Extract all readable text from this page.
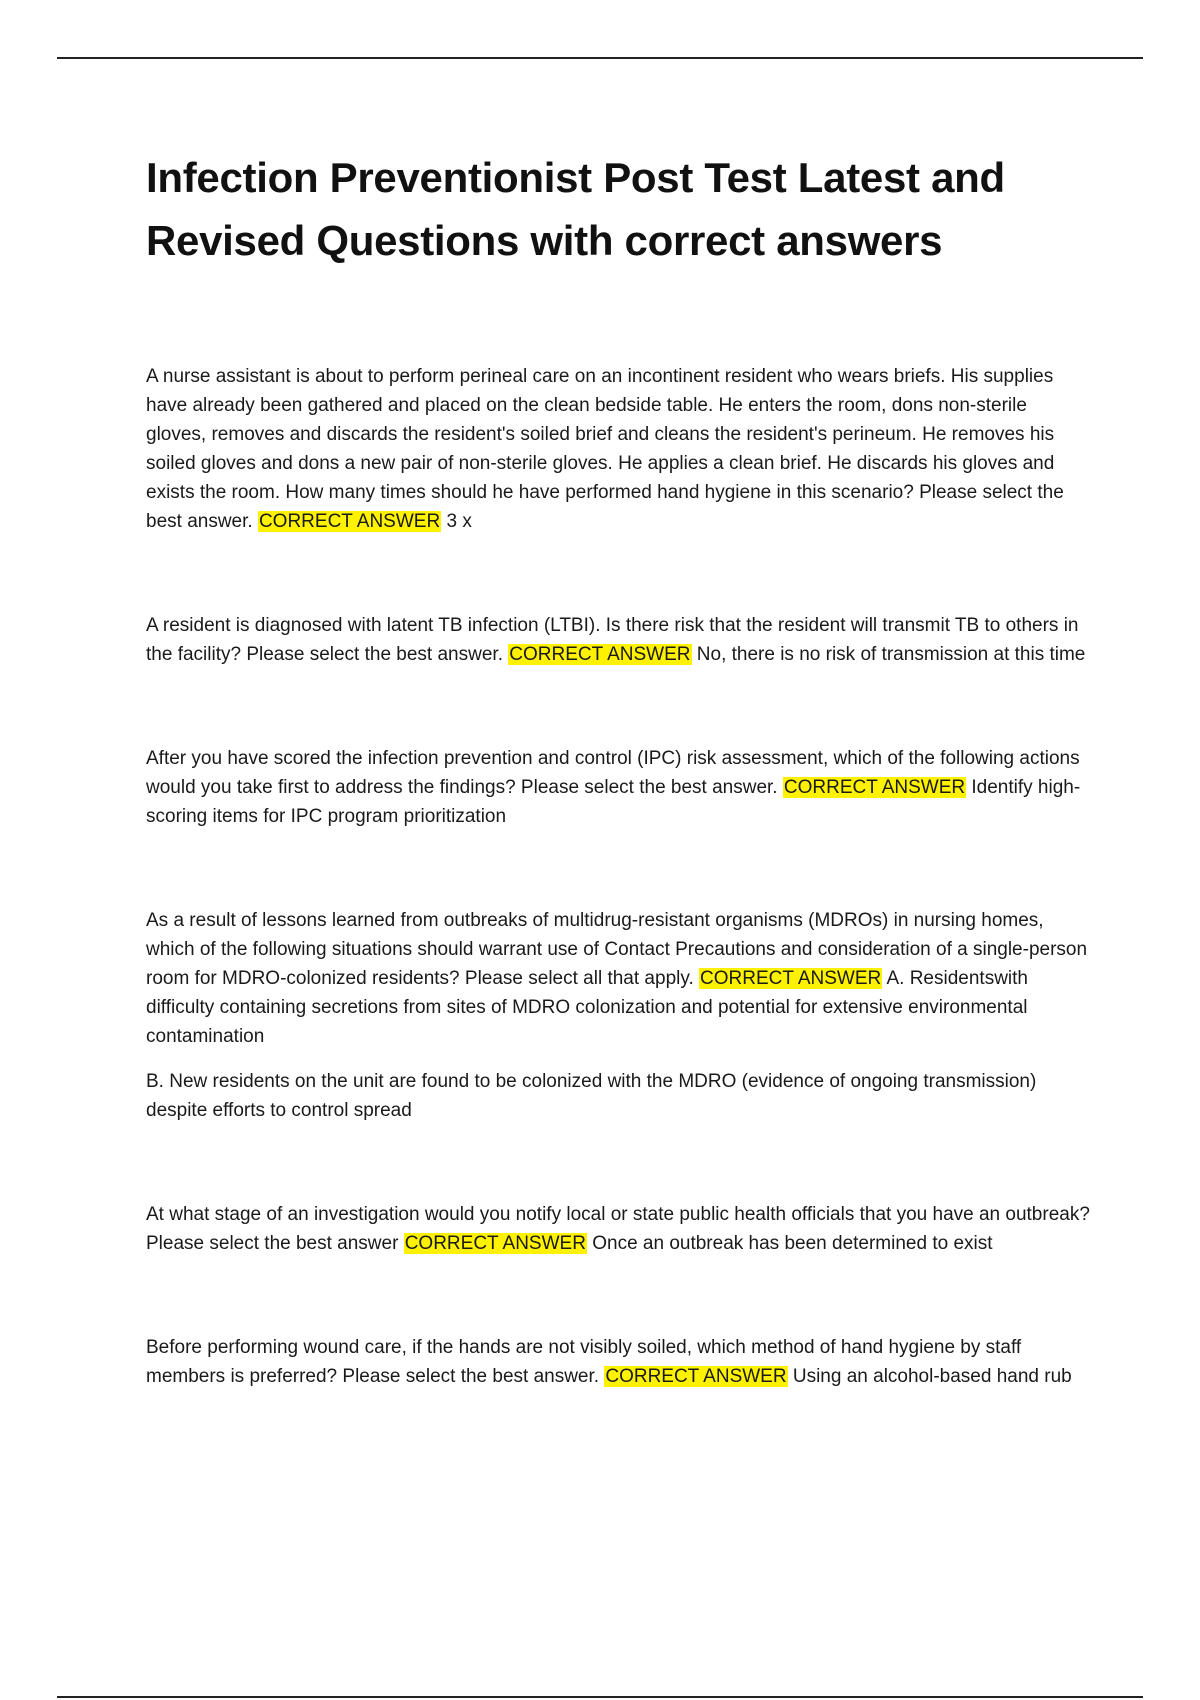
Infection Preventionist Post Test Latest and
Revised Questions with correct answers

A nurse assistant is about to perform perineal care on an incontinent resident who wears briefs. His supplies have already been gathered and placed on the clean bedside table. He enters the room, dons non-sterile gloves, removes and discards the resident's soiled brief and cleans the resident's perineum. He removes his soiled gloves and dons a new pair of non-sterile gloves. He applies a clean brief. He discards his gloves and exists the room. How many times should he have performed hand hygiene in this scenario? Please select the best answer. CORRECT ANSWER 3 x

A resident is diagnosed with latent TB infection (LTBI). Is there risk that the resident will transmit TB to others in the facility? Please select the best answer. CORRECT ANSWER No, there is no risk of transmission at this time

After you have scored the infection prevention and control (IPC) risk assessment, which of the following actions would you take first to address the findings? Please select the best answer. CORRECT ANSWER Identify high-scoring items for IPC program prioritization

As a result of lessons learned from outbreaks of multidrug-resistant organisms (MDROs) in nursing homes, which of the following situations should warrant use of Contact Precautions and consideration of a single-person room for MDRO-colonized residents? Please select all that apply. CORRECT ANSWER A. Residentswith difficulty containing secretions from sites of MDRO colonization and potential for extensive environmental contamination

B. New residents on the unit are found to be colonized with the MDRO (evidence of ongoing transmission) despite efforts to control spread

At what stage of an investigation would you notify local or state public health officials that you have an outbreak? Please select the best answer CORRECT ANSWER Once an outbreak has been determined to exist

Before performing wound care, if the hands are not visibly soiled, which method of hand hygiene by staff members is preferred? Please select the best answer. CORRECT ANSWER Using an alcohol-based hand rub
